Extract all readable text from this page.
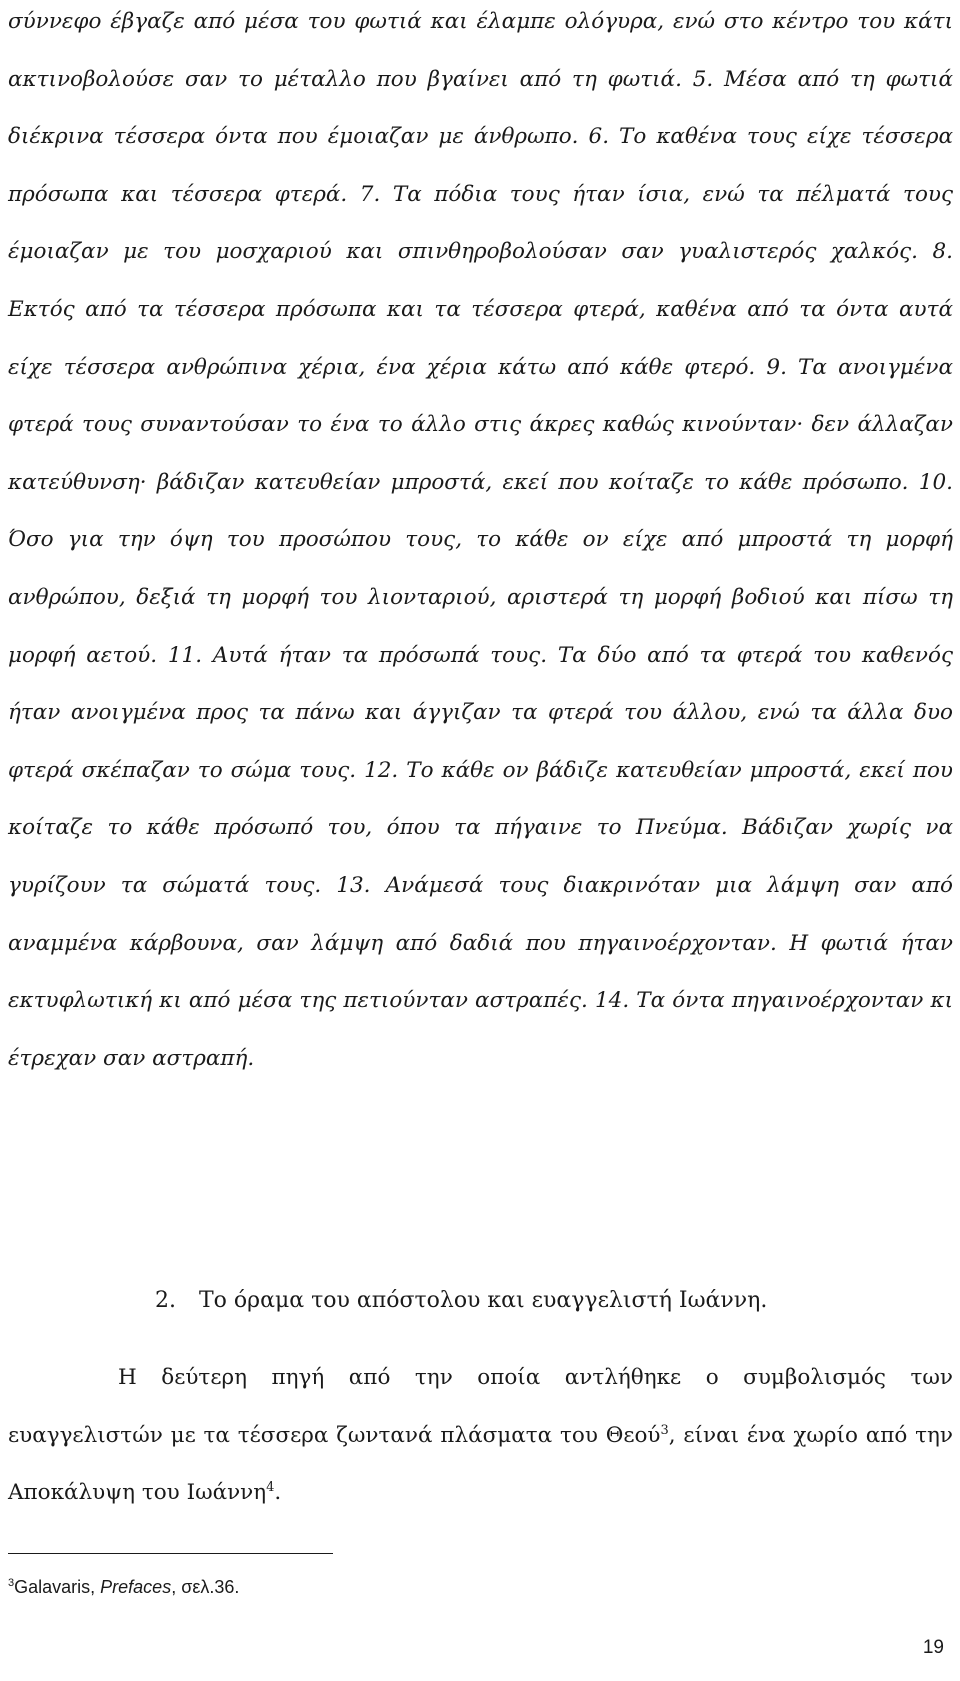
σύννεφο έβγαζε από μέσα του φωτιά και έλαμπε ολόγυρα, ενώ στο κέντρο του κάτι ακτινοβολούσε σαν το μέταλλο που βγαίνει από τη φωτιά. 5. Μέσα από τη φωτιά διέκρινα τέσσερα όντα που έμοιαζαν με άνθρωπο. 6. Το καθένα τους είχε τέσσερα πρόσωπα και τέσσερα φτερά. 7. Τα πόδια τους ήταν ίσια, ενώ τα πέλματά τους έμοιαζαν με του μοσχαριού και σπινθηροβολούσαν σαν γυαλιστερός χαλκός. 8. Εκτός από τα τέσσερα πρόσωπα και τα τέσσερα φτερά, καθένα από τα όντα αυτά είχε τέσσερα ανθρώπινα χέρια, ένα χέρια κάτω από κάθε φτερό. 9. Τα ανοιγμένα φτερά τους συναντούσαν το ένα το άλλο στις άκρες καθώς κινούνταν· δεν άλλαζαν κατεύθυνση· βάδιζαν κατευθείαν μπροστά, εκεί που κοίταζε το κάθε πρόσωπο. 10. Όσο για την όψη του προσώπου τους, το κάθε ον είχε από μπροστά τη μορφή ανθρώπου, δεξιά τη μορφή του λιονταριού, αριστερά τη μορφή βοδιού και πίσω τη μορφή αετού. 11. Αυτά ήταν τα πρόσωπά τους. Τα δύο από τα φτερά του καθενός ήταν ανοιγμένα προς τα πάνω και άγγιζαν τα φτερά του άλλου, ενώ τα άλλα δυο φτερά σκέπαζαν το σώμα τους. 12. Το κάθε ον βάδιζε κατευθείαν μπροστά, εκεί που κοίταζε το κάθε πρόσωπό του, όπου τα πήγαινε το Πνεύμα. Βάδιζαν χωρίς να γυρίζουν τα σώματά τους. 13. Ανάμεσά τους διακρινόταν μια λάμψη σαν από αναμμένα κάρβουνα, σαν λάμψη από δαδιά που πηγαινοέρχονταν. Η φωτιά ήταν εκτυφλωτική κι από μέσα της πετιούνταν αστραπές. 14. Τα όντα πηγαινοέρχονταν κι έτρεχαν σαν αστραπή.

2. Το όραμα του απόστολου και ευαγγελιστή Ιωάννη.

Η δεύτερη πηγή από την οποία αντλήθηκε ο συμβολισμός των ευαγγελιστών με τα τέσσερα ζωντανά πλάσματα του Θεού$^3$, είναι ένα χωρίο από την Αποκάλυψη του Ιωάννη$^4$.

$^3$Galavaris, Prefaces, σελ.36.

19
